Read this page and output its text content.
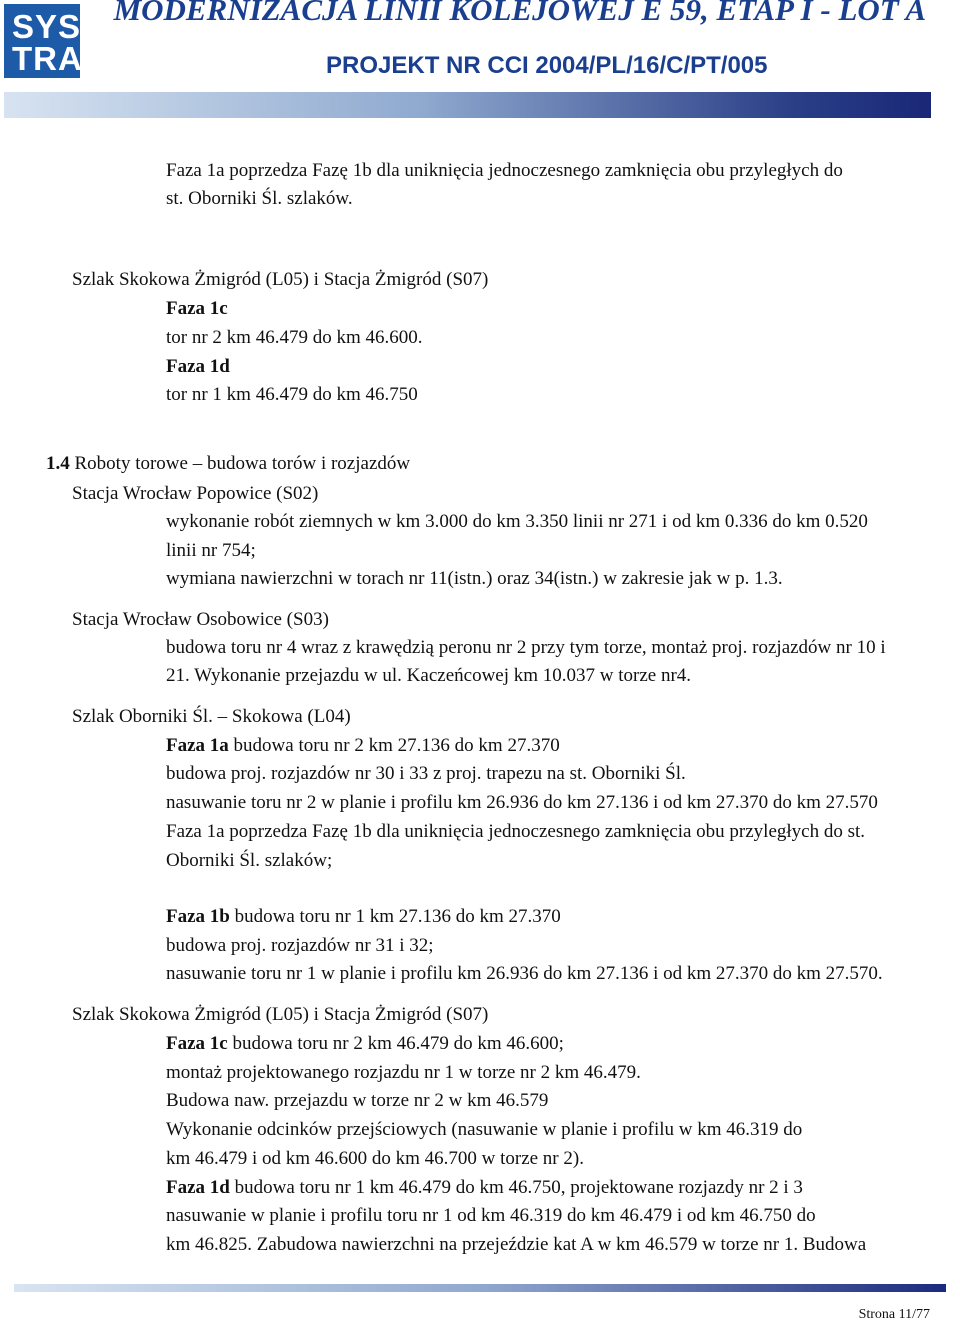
SYS
TRA
MODERNIZACJA LINII KOLEJOWEJ E 59, ETAP I - LOT A
PROJEKT NR CCI 2004/PL/16/C/PT/005
Faza 1a poprzedza Fazę 1b dla uniknięcia jednoczesnego zamknięcia obu przyległych do
st. Oborniki Śl. szlaków.
Szlak Skokowa Żmigród (L05) i Stacja Żmigród (S07)
Faza 1c
tor nr 2 km 46.479 do km 46.600.
Faza 1d
tor nr 1 km 46.479 do km 46.750
1.4 Roboty torowe – budowa torów i rozjazdów
Stacja Wrocław Popowice (S02)
wykonanie robót ziemnych w km 3.000 do km 3.350 linii nr 271 i od km 0.336 do km 0.520
linii nr 754;
wymiana nawierzchni w torach nr 11(istn.) oraz 34(istn.) w zakresie jak w p. 1.3.
Stacja Wrocław Osobowice (S03)
budowa toru nr 4 wraz z krawędzią peronu nr 2 przy tym torze, montaż proj. rozjazdów nr 10 i
21. Wykonanie przejazdu w ul. Kaczeńcowej km 10.037 w torze nr4.
Szlak Oborniki Śl. – Skokowa (L04)
Faza 1a budowa toru nr 2 km 27.136 do km 27.370
budowa proj. rozjazdów nr 30 i 33 z proj. trapezu na st. Oborniki Śl.
nasuwanie toru nr 2 w planie i profilu km 26.936 do km 27.136 i od km 27.370 do km 27.570
Faza 1a poprzedza Fazę 1b dla uniknięcia jednoczesnego zamknięcia obu przyległych do st.
Oborniki Śl. szlaków;
Faza 1b budowa toru nr 1 km 27.136 do km 27.370
budowa proj. rozjazdów nr 31 i 32;
nasuwanie toru nr 1 w planie i profilu km 26.936 do km 27.136 i od km 27.370 do km 27.570.
Szlak Skokowa Żmigród (L05) i Stacja Żmigród (S07)
Faza 1c budowa toru nr 2 km 46.479 do km 46.600;
montaż projektowanego rozjazdu nr 1 w torze nr 2 km 46.479.
Budowa naw. przejazdu w torze nr 2 w km 46.579
Wykonanie odcinków przejściowych (nasuwanie w planie i profilu w km 46.319 do
km 46.479 i od km 46.600 do km 46.700 w torze nr 2).
Faza 1d budowa toru nr 1 km 46.479 do km 46.750, projektowane rozjazdy nr 2 i 3
nasuwanie w planie i profilu toru nr 1 od km 46.319 do km 46.479 i od km 46.750 do
km 46.825. Zabudowa nawierzchni na przejeździe kat A w km 46.579 w torze nr 1. Budowa
Strona 11/77
